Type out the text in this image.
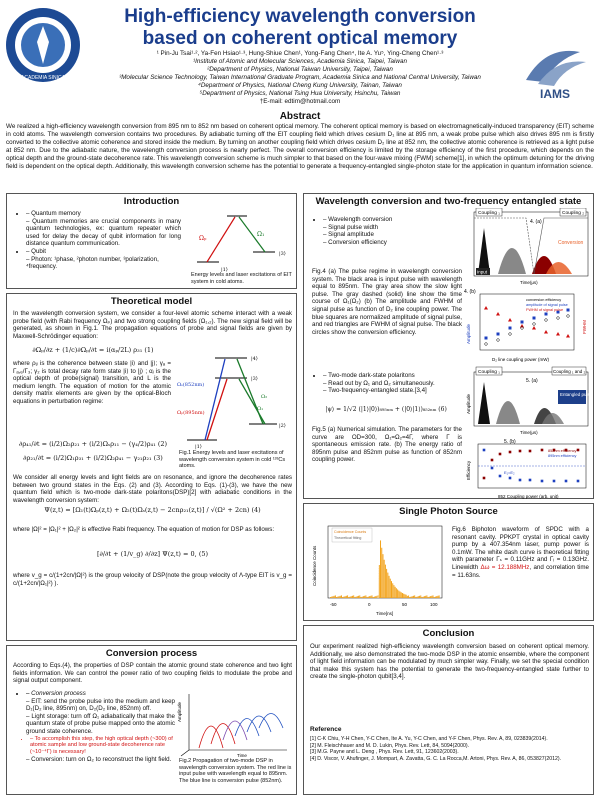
ACADEMIA SINICA
High-efficiency wavelength conversion
based on coherent optical memory
¹ Pin-Ju Tsai¹·², Ya-Fen Hsiao¹·³, Hung-Shiue Chen¹, Yong-Fang Chen⁴, Ite A. Yu⁵, Ying-Cheng Chen¹·³
¹Institute of Atomic and Molecular Sciences, Academia Sinica, Taipei, Taiwan
²Department of Physics, National Taiwan University, Taipei, Taiwan
³Molecular Science Technology, Taiwan International Graduate Program, Academia Sinica and National Central University, Taiwan
⁴Department of Physics, National Cheng Kung University, Tainan, Taiwan
⁵Department of Physics, National Tsing Hua University, Hsinchu, Taiwan
†E-mail: edtim@hotmail.com
IAMS
Abstract
We realized a high-efficiency wavelength conversion from 895 nm to 852 nm based on coherent optical memory. The coherent optical memory is based on electromagnetically-induced transparency (EIT) scheme in cold atoms. The wavelength conversion contains two procedures. By adiabatic turning off the EIT coupling field which drives cesium D₁ line at 895 nm, a weak probe pulse which also drives 895 nm is firstly converted to the collective atomic coherence and stored inside the medium. By turning on another coupling field which drives cesium D₂ line at 852 nm, the collective atomic coherence is retrieved as a light pulse at 852 nm. Due to the adiabatic nature, the wavelength conversion process is nearly perfect. The overall conversion efficiency is limited by the storage efficiency of the first procedure, which depends on the optical depth and the ground-state decoherence rate. This wavelength conversion scheme is much simpler to that based on the four-wave mixing (FWM) scheme[1], in which the optimum detuning for the driving field is dependent on the optical depth. Additionally, this wavelength conversion scheme has the potential to generate a frequency-entangled single-photon state for the application in quantum information science.
Introduction
– • Quantum memory
– Quantum memories are crucial components in many quantum technologies, ex: quantum repeater which used for delay the decay of qubit information for long distance quantum communication.
– • Qubit
– Photon: ¹phase, ²photon number, ³polarization, ⁴frequency.
Ωₚ
Ω₁
|3⟩
|1⟩
Energy levels and laser excitations of EIT system in cold atoms.
Theoretical model
In the wavelength conversion system, we consider a four-level atomic scheme interact with a weak probe field (with Rabi frequency Ωₚ) and two strong coupling fields (Ω₁,₂). The new signal field will be generated, as shown in Fig.1. The propagation equations of probe and signal fields are given by Maxwell-Schrödinger equation:
∂Ωₚ/∂z + (1/c)∂Ωₚ/∂t = i(αₚ/2L) ρ₃₁ (1)
where ρᵢⱼ is the coherence between state |i⟩ and |j⟩; γₐ = Γₐ,ₑ/Γ₃; γ₂ is total decay rate form state |i⟩ to |j⟩ ; αⱼ is the optical depth of probe(signal) transition, and L is the medium length. The equation of motion for the atomic density matrix elements are given by the optical-Bloch equations in perturbation regime:
∂ρ₄₁/∂t = (i/2)Ω₂ρ₂₁ + (i/2)Ωₛρ₁₁ − (γ₄/2)ρ₄₁ (2)
∂ρ₂₁/∂t = (i/2)Ω₁ρ₃₁ + (i/2)Ω₂ρ₄₁ − γ₂₁ρ₂₁ (3)
|4⟩
|3⟩
Ωₛ(852nm)
Ωₚ(895nm)
Ω₂
Ω₁
|2⟩
|1⟩
Fig.1 Energy levels and laser excitations of wavelength conversion system in cold ¹³³Cs atoms.
We consider all energy levels and light fields are on resonance, and ignore the decoherence rates between two ground states in the Eqs. (2) and (3). According to Eqs. (1)-(3), we have the new quantum field which is two-mode dark-state polaritons(DSP)[2] with adiabatic conditions in the wavelength conversion system:
Ψ(z,t) = [Ω₁(t)Ωₚ(z,t) + Ω₂(t)Ωₛ(z,t) − 2cnρ₂₁(z,t)] / √(Ω² + 2cn) (4)
where |Ω|² = |Ω₁|² + |Ω₂|² is effective Rabi frequency. The equation of motion for DSP as follows:
[∂/∂t + (1/v_g) ∂/∂z] Ψ(z,t) = 0, (5)
where v_g = c/(1+2cn/|Ω|²) is the group velocity of DSP(note the group velocity of Λ-type EIT is v_g = c/(1+2cn/|Ω₁|²) ).
Conversion process
According to Eqs.(4), the properties of DSP contain the atomic ground state coherence and two light fields information. We can control the power ratio of two coupling fields to modulate the probe and signal output component.
– • Conversion process
– EIT: send the probe pulse into the medium and keep D₁(D₂ line, 895nm) on, D₂(D₂ line, 852nm) off.
– Light storage: turn off Ω₁ adiabatically that make the quantum state of probe pulse mapped onto the atomic ground state coherence.
– • To accomplish this step, the high optical depth (~300) of atomic sample and low ground-state decoherence rate (~10⁻⁴Γ) is necessary!
– Conversion: turn on Ω₂ to reconstruct the light field.
Amplitude
Time
Fig.2 Propagation of two-mode DSP in wavelength conversion system. The red line is input pulse with wavelength equal to 895nm. The blue line is conversion pulse (852nm).
Wavelength conversion and two-frequency entangled state
– • Wavelength conversion
– Signal pulse width
– Signal amplitude
– Conversion efficiency
Fig.4 (a) The pulse regime in wavelength conversion system. The black area is input pulse with wavelength equal to 895nm. The gray area show the slow light pulse. The gray dashed (solid) line show the time course of Ω₁(Ω₂) (b) The amplitude and FWHM of signal pulse as function of D₂ line coupling power. The blue squares are normalized amplitude of signal pulse, and red triangles are FWHM of signal pulse. The black circles show the conversion efficiency.
Coupling ₁	Coupling ₂
4. (a)
Conversion
Input
Time(μs)
4. (b)
Amplitude	FWHM
D₂ line coupling power (mW)
conversion efficiency
amplitude of signal pulse
FWHM of signal pulse
– • Two-mode dark-state polaritons
– Read out by Ω₁ and Ω₂ simultaneously.
– Two-frequency-entangled state.[3,4]
|ψ⟩ = 1/√2 (|1⟩|0⟩)₈₉₅ₙₘ + (|0⟩|1⟩)₈₅₂ₙₘ (6)
Fig.5 (a) Numerical simulation. The parameters for the curve are OD=300, Ω₁=Ω₂=4Γ, where Γ is spontaneous emission rate. (b) The energy ratio of 895nm pulse and 852nm pulse as function of 852nm coupling power.
Coupling ₁	Coupling ₁ and ₂
5. (a)
Entangled pulse
Amplitude
Time(μs)
5. (b)
852nm efficiency
895nm efficiency
E₁=E₂
Efficiency
852 Coupling power (arb. unit)
Single Photon Source
Coincidence Counts
Theoretical fitting
-50	0	50	100
Coincidence Counts
Time[ns]
Fig.6 Biphoton waveform of SPDC with a resonant cavity. PPKPT crystal in optical cavity pump by a 407.354nm laser, pump power is 0.1mW. The white dash curve is theoretical fitting with parameter Γₛ = 0.11GHz and Γᵢ = 0.13GHz. Linewidth Δω = 12.188MHz, and correlation time = 11.63ns.
Conclusion
Our experiment realized high-efficiency wavelength conversion based on coherent optical memory. Additionally, we also demonstrated the two-mode DSP in the atomic ensemble, where the component of light field information can be modulated by much simpler way. Finally, we set the special condition that make this system has the potential to generate the two-frequency-entangled state further to create the single-photon qubit[3,4].
Reference
[1] C-K Chiu, Y-H Chen, Y-C Chen, Ite A. Yu, Y-C Chen, and Y-F Chen, Phys. Rev. A, 89, 023839(2014).
[2] M. Fleischhauer and M. D. Lukin, Phys. Rev. Lett, 84, 5094(2000).
[3] M.G. Payne and L. Deng , Phys. Rev. Lett, 91, 123602(2003).
[4] D. Viscor, V. Ahufinger, J. Mompart, A. Zavatta, G. C. La Rocca,M. Artoni, Phys. Rev. A, 86, 053827(2012).
